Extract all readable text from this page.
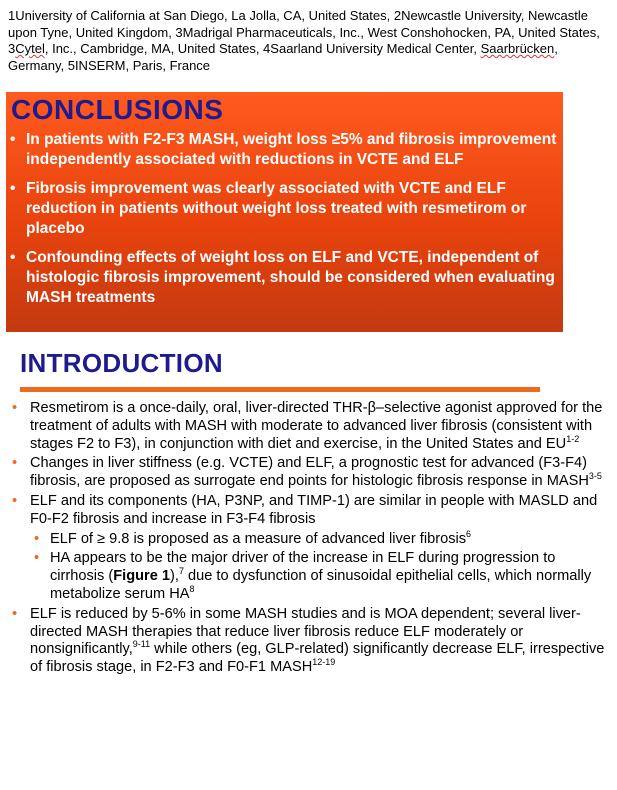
1University of California at San Diego, La Jolla, CA, United States, 2Newcastle University, Newcastle upon Tyne, United Kingdom, 3Madrigal Pharmaceuticals, Inc., West Conshohocken, PA, United States, 3Cytel, Inc., Cambridge, MA, United States, 4Saarland University Medical Center, Saarbrücken, Germany, 5INSERM, Paris, France
CONCLUSIONS
• In patients with F2-F3 MASH, weight loss ≥5% and fibrosis improvement independently associated with reductions in VCTE and ELF
• Fibrosis improvement was clearly associated with VCTE and ELF reduction in patients without weight loss treated with resmetirom or placebo
• Confounding effects of weight loss on ELF and VCTE, independent of histologic fibrosis improvement, should be considered when evaluating MASH treatments
INTRODUCTION
• Resmetirom is a once-daily, oral, liver-directed THR-β–selective agonist approved for the treatment of adults with MASH with moderate to advanced liver fibrosis (consistent with stages F2 to F3), in conjunction with diet and exercise, in the United States and EU$^{1-2}$
• Changes in liver stiffness (e.g. VCTE) and ELF, a prognostic test for advanced (F3-F4) fibrosis, are proposed as surrogate end points for histologic fibrosis response in MASH$^{3-5}$
• ELF and its components (HA, P3NP, and TIMP-1) are similar in people with MASLD and F0-F2 fibrosis and increase in F3-F4 fibrosis
• ELF of ≥ 9.8 is proposed as a measure of advanced liver fibrosis$^6$
• HA appears to be the major driver of the increase in ELF during progression to cirrhosis (Figure 1),$^7$ due to dysfunction of sinusoidal epithelial cells, which normally metabolize serum $HA^8$
• ELF is reduced by 5-6% in some MASH studies and is MOA dependent; several liver-directed MASH therapies that reduce liver fibrosis reduce ELF moderately or nonsignificantly,$^{9-11}$ while others (eg, GLP-related) significantly decrease ELF, irrespective of fibrosis stage, in F2-F3 and F0-F1 MASH$^{12-19}$
